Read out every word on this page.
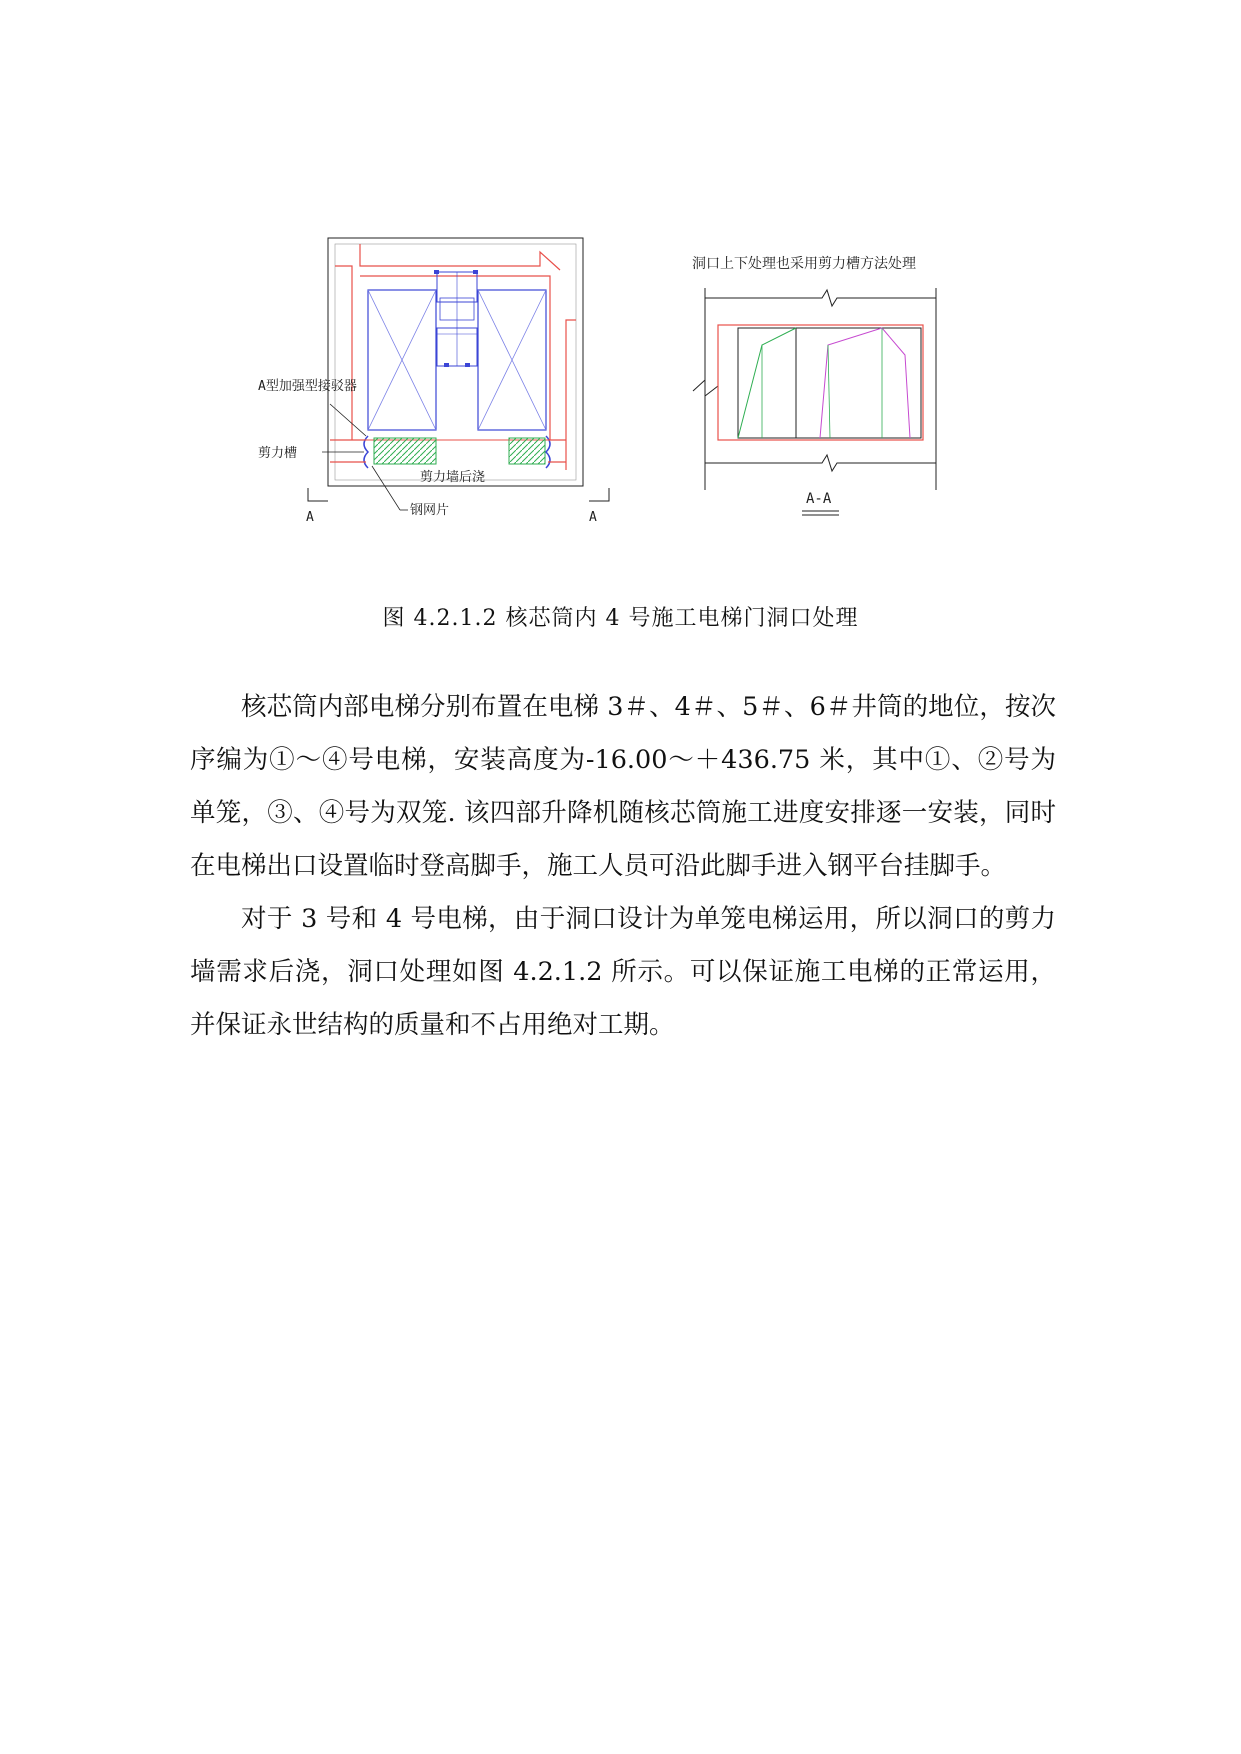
A型加强型接驳器
剪力槽
剪力墙后浇
钢网片
A	A
洞口上下处理也采用剪力槽方法处理
A-A
图 4.2.1.2 核芯筒内 4 号施工电梯门洞口处理

核芯筒内部电梯分别布置在电梯 3＃、4＃、5＃、6＃井筒的地位，按次序编为①～④号电梯，安装高度为-16.00～＋436.75 米，其中①、②号为单笼，③、④号为双笼. 该四部升降机随核芯筒施工进度安排逐一安装，同时在电梯出口设置临时登高脚手，施工人员可沿此脚手进入钢平台挂脚手。

对于 3 号和 4 号电梯，由于洞口设计为单笼电梯运用，所以洞口的剪力墙需求后浇，洞口处理如图 4.2.1.2 所示。可以保证施工电梯的正常运用，并保证永世结构的质量和不占用绝对工期。
